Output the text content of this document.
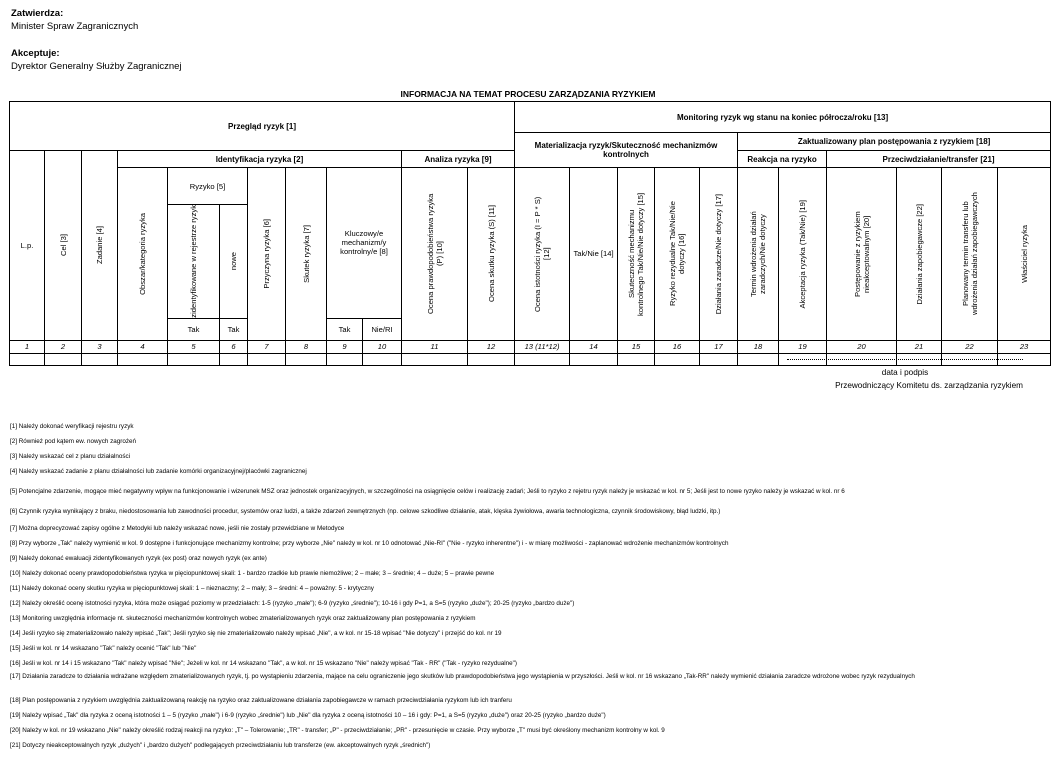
Zatwierdza:
Minister Spraw Zagranicznych
Akceptuje:
Dyrektor Generalny Służby Zagranicznej
INFORMACJA NA TEMAT PROCESU ZARZĄDZANIA RYZYKIEM
Przegląd ryzyk [1]												Monitoring ryzyk wg stanu na koniec półrocza/roku [13]										
												Materializacja ryzyk/Skuteczność mechanizmów kontrolnych					Zaktualizowany plan postępowania z ryzykiem [18]					
L.p.	Cel [3]	Zadanie [4]	Identyfikacja ryzyka [2]							Analiza ryzyka [9]							Reakcja na ryzyko		Przeciwdziałanie/transfer [21]			

			Obszar/kategoria ryzyka	Ryzyko [5]		Przyczyna ryzyka [6]	Skutek ryzyka [7]	Kluczowy/e mechanizm/y kontrolny/e [8]		Ocena prawdopodobieństwa ryzyka (P) [10]	Ocena skutku ryzyka (S) [11]	Ocena istotności ryzyka (I = P * S) [12]	Tak/Nie [14]	Skuteczność mechanizmu kontrolnego Tak/Nie/Nie dotyczy [15]	Ryzyko rezydualne Tak/Nie/Nie dotyczy [16]	Działania zaradcze/Nie dotyczy [17]	Termin wdrożenia działań zaradczych/Nie dotyczy	Akceptacja ryzyka (Tak/Nie) [19]	Postępowanie z ryzykiem nieakceptowalnym [20]	Działania zapobiegawcze [22]	Planowany termin transferu lub wdrożenia działań zapobiegawczych	Właściciel ryzyka

				zidentyfikowane w rejestrze ryzyk	nowe																	

				Tak	Tak			Tak	Nie/RI													
1	2	3	4	5	6	7	8	9	10	11	12	13 (11*12)	14	15	16	17	18	19	20	21	22	23

data i podpis
Przewodniczący Komitetu ds. zarządzania ryzykiem
[1] Należy dokonać weryfikacji rejestru ryzyk
[2] Również pod kątem ew. nowych zagrożeń
[3] Należy wskazać cel z planu działalności
[4] Należy wskazać zadanie z planu działalności lub zadanie komórki organizacyjnej/placówki zagranicznej
[5] Potencjalne zdarzenie, mogące mieć negatywny wpływ na funkcjonowanie i wizerunek MSZ oraz jednostek organizacyjnych, w szczególności na osiągnięcie celów i realizację zadań; Jeśli to ryzyko z rejetru ryzyk należy je wskazać w kol. nr 5; Jeśli jest to nowe ryzyko należy je wskazać w kol. nr 6
[6] Czynnik ryzyka wynikający z braku, niedostosowania lub zawodności procedur, systemów oraz ludzi, a także zdarzeń zewnętrznych (np. celowe szkodliwe działanie, atak, klęska żywiołowa, awaria technologiczna, czynnik środowiskowy, błąd ludzki, itp.)
[7] Można doprecyzować zapisy ogólne z Metodyki lub należy wskazać nowe, jeśli nie zostały przewidziane w Metodyce
[8] Przy wyborze „Tak" należy wymienić w kol. 9 dostępne i funkcjonujące mechanizmy kontrolne; przy wyborze „Nie" należy w kol. nr 10 odnotować „Nie-RI" ("Nie - ryzyko inherentne") i - w miarę możliwości - zaplanować wdrożenie mechanizmów kontrolnych
[9] Należy dokonać ewaluacji zidentyfikowanych ryzyk (ex post) oraz nowych ryzyk (ex ante)
[10] Należy dokonać oceny prawdopodobieństwa ryzyka w pięciopunktowej skali: 1 - bardzo rzadkie lub prawie niemożliwe; 2 – małe; 3 – średnie; 4 – duże; 5 – prawie pewne
[11] Należy dokonać oceny skutku ryzyka w pięciopunktowej skali: 1 – nieznaczny; 2 – mały; 3 – średni: 4 – poważny: 5 - krytyczny
[12] Należy określić ocenę istotności ryzyka, która może osiągać poziomy w przedziałach: 1-5 (ryzyko „małe"); 6-9 (ryzyko „średnie"); 10-16 i gdy P=1, a S=5 (ryzyko „duże"); 20-25 (ryzyko „bardzo duże")
[13] Monitoring uwzględnia informacje nt. skuteczności mechanizmów kontrolnych wobec zmaterializowanych ryzyk oraz zaktualizowany plan postępowania z ryzykiem
[14] Jeśli ryzyko się zmaterializowało należy wpisać „Tak"; Jeśli ryzyko się nie zmaterializowało należy wpisać „Nie", a w kol. nr 15-18 wpisać "Nie dotyczy" i przejść do kol. nr 19
[15] Jeśli w kol. nr 14 wskazano "Tak" należy ocenić "Tak" lub "Nie"
[16] Jeśli w kol. nr 14 i 15 wskazano "Tak" należy wpisać "Nie"; Jeżeli w kol. nr 14 wskazano "Tak", a w kol. nr 15 wskazano "Nie" należy wpisać "Tak - RR" ("Tak - ryzyko rezydualne")
[17] Działania zaradcze to działania wdrażane względem zmaterializowanych ryzyk, tj. po wystąpieniu zdarzenia, mające na celu ograniczenie jego skutków lub prawdopodobieństwa jego wystąpienia w przyszłości. Jeśli w kol. nr 16 wskazano „Tak-RR" należy wymienić działania zaradcze wdrożone wobec ryzyk rezydualnych
[18] Plan postępowania z ryzykiem uwzględnia zaktualizowaną reakcję na ryzyko oraz zaktualizowane działania zapobiegawcze w ramach przeciwdziałania ryzykom lub ich tranferu
[19] Należy wpisać „Tak" dla ryzyka z oceną istotności 1 – 5 (ryzyko „małe") i 6-9 (ryzyko „średnie") lub „Nie" dla ryzyka z oceną istotności 10 – 16 i gdy: P=1, a S=5 (ryzyko „duże") oraz 20-25 (ryzyko „bardzo duże")
[20] Należy w kol. nr 19 wskazano „Nie" należy określić rodzaj reakcji na ryzyko: „T" – Tolerowanie; „TR" - transfer; „P" - przeciwdziałanie; „PR" - przesunięcie w czasie. Przy wyborze „T" musi być określony mechanizm kontrolny w kol. 9
[21] Dotyczy nieakceptowalnych ryzyk „dużych" i „bardzo dużych" podlegających przeciwdziałaniu lub transferze (ew. akceptowalnych ryzyk „średnich")
